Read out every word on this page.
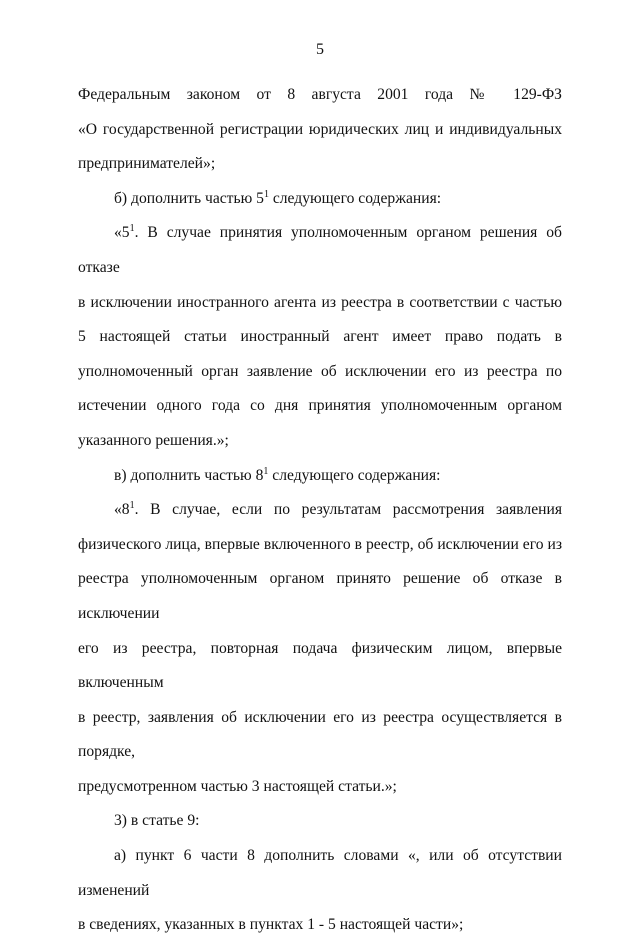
5
Федеральным законом от 8 августа 2001 года № 129-ФЗ
«О государственной регистрации юридических лиц и индивидуальных
предпринимателей»;
б) дополнить частью $5^1$ следующего содержания:
«$5^1$. В случае принятия уполномоченным органом решения об отказе
в исключении иностранного агента из реестра в соответствии с частью
5 настоящей статьи иностранный агент имеет право подать в
уполномоченный орган заявление об исключении его из реестра по
истечении одного года со дня принятия уполномоченным органом
указанного решения.»;
в) дополнить частью $8^1$ следующего содержания:
«$8^1$. В случае, если по результатам рассмотрения заявления
физического лица, впервые включенного в реестр, об исключении его из
реестра уполномоченным органом принято решение об отказе в исключении
его из реестра, повторная подача физическим лицом, впервые включенным
в реестр, заявления об исключении его из реестра осуществляется в порядке,
предусмотренном частью 3 настоящей статьи.»;
3) в статье 9:
а) пункт 6 части 8 дополнить словами «, или об отсутствии изменений
в сведениях, указанных в пунктах 1 - 5 настоящей части»;
